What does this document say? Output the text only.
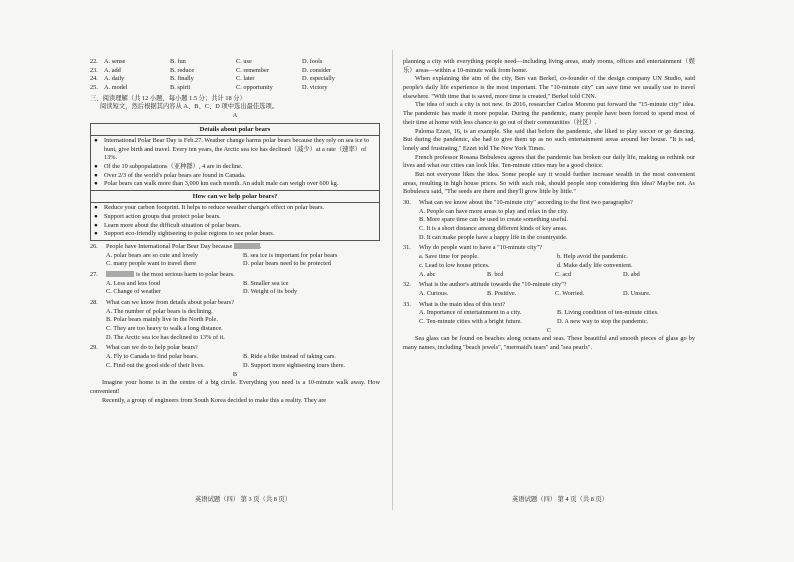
22. A. sense	B. fun	C. use	D. fools
23. A. add	B. reduce	C. remember	D. consider
24. A. daily	B. finally	C. later	D. especially
25. A. model	B. spirit	C. opportunity	D. victory
三、阅读理解（共 12 小题，每小题 1.5 分；共计 18 分）
阅读短文，然后根据其内容从 A、B、C、D 项中选出最佳选项。
A
Details about polar bears
● International Polar Bear Day is Feb.27. Weather change harms polar bears because they rely on sea ice to hunt, give birth and travel. Every ten years, the Arctic sea ice has declined（减少）at a rate（速率）of 13%.
● Of the 19 subpopulations（亚种群）, 4 are in decline.
● Over 2/3 of the world's polar bears are found in Canada.
● Polar bears can walk more than 3,000 km each month. An adult male can weigh over 600 kg.
How can we help polar bears?
● Reduce your carbon footprint. It helps to reduce weather change's effect on polar bears.
● Support action groups that protect polar bears.
● Learn more about the difficult situation of polar bears.
● Support eco-friendly sightseeing to polar regions to see polar bears.
26.	People have International Polar Bear Day because	.
A. polar bears are so cute and lovely	B. sea ice is important for polar bears
C. many people want to travel there	D. polar bears need to be protected
27.	is the most serious harm to polar bears.
A. Less and less food	B. Smaller sea ice
C. Change of weather	D. Weight of its body
28.	What can we know from details about polar bears?
A. The number of polar bears is declining.
B. Polar bears mainly live in the North Pole.
C. They are too heavy to walk a long distance.
D. The Arctic sea ice has declined to 13% of it.
29.	What can we do to help polar bears?
A. Fly to Canada to find polar bears.	B. Ride a bike instead of taking cars.
C. Find out the good side of their lives.	D. Support more sightseeing tours there.
B

Imagine your home is in the centre of a big circle. Everything you need is a 10-minute walk away. How convenient!

Recently, a group of engineers from South Korea decided to make this a reality. They are

英语试题（四） 第 3 页（共 8 页）

planning a city with everything people need—including living areas, study rooms, offices and entertainment（娱乐）areas—within a 10-minute walk from home.

When explaining the aim of the city, Ben van Berkel, co-founder of the design company UN Studio, said people's daily life experience is the most important. The "10-minute city" can save time we usually use to travel elsewhere. "With time that is saved, more time is created," Berkel told CNN.

The idea of such a city is not new. In 2016, researcher Carlos Moreno put forward the "15-minute city" idea. The pandemic has made it more popular. During the pandemic, many people have been forced to spend most of their time at home with less chance to go out of their communities（社区）.

Paloma Ezzet, 16, is an example. She said that before the pandemic, she liked to play soccer or go dancing. But during the pandemic, she had to give them up as no such entertainment areas around her house. "It is sad, lonely and frustrating," Ezzet told The New York Times.

French professor Rosana Bobulescu agrees that the pandemic has broken our daily life, making us rethink our lives and what our cities can look like. Ten-minute cities may be a good choice.

But not everyone likes the idea. Some people say it would further increase wealth in the most convenient areas, resulting in high house prices. So with such risk, should people stop considering this idea? Maybe not. As Bobulescu said, "The seeds are there and they'll grow little by little."

30.	What can we know about the "10-minute city" according to the first two paragraphs?
A. People can have more areas to play and relax in the city.
B. More spare time can be used to create something useful.
C. It is a short distance among different kinds of key areas.
D. It can make people have a happy life in the countryside.
31.	Why do people want to have a "10-minute city"?
a. Save time for people.	b. Help avoid the pandemic.
c. Lead to low house prices.	d. Make daily life convenient.
A. abc	B. bcd	C. acd	D. abd
32.	What is the author's attitude towards the "10-minute city"?
A. Curious.	B. Positive.	C. Worried.	D. Unsure.
33.	What is the main idea of this text?
A. Importance of entertainment in a city.	B. Living condition of ten-minute cities.
C. Ten-minute cities with a bright future.	D. A new way to stop the pandemic.
C

Sea glass can be found on beaches along oceans and seas. These beautiful and smooth pieces of glass go by many names, including "beach jewels", "mermaid's tears" and "sea pearls".

英语试题（四） 第 4 页（共 8 页）
